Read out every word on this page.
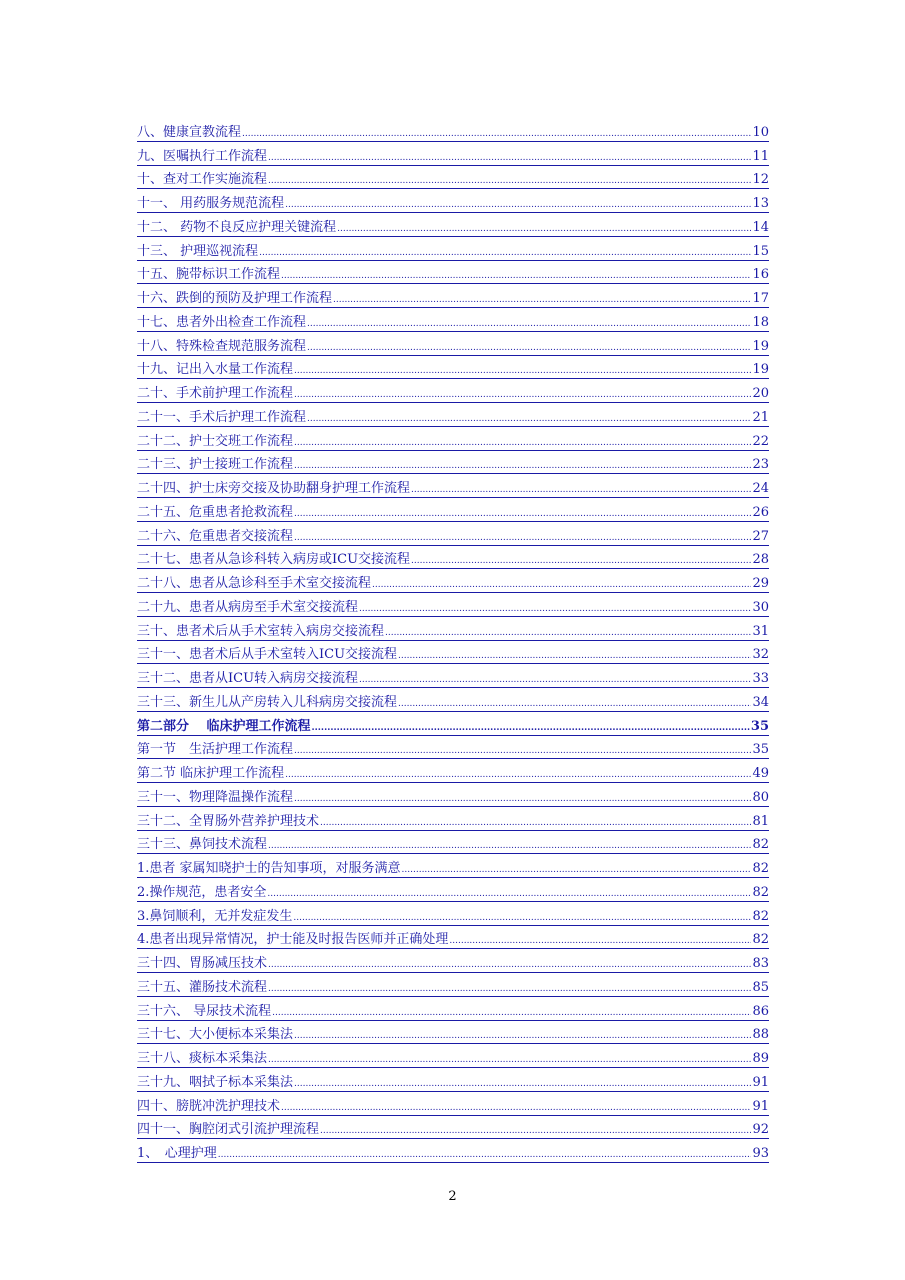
八、健康宣教流程 .....	10
九、医嘱执行工作流程 .....	11
十、查对工作实施流程 .....	12
十一、 用药服务规范流程 .....	13
十二、 药物不良反应护理关键流程 .....	14
十三、 护理巡视流程 .....	15
十五、腕带标识工作流程 .....	16
十六、跌倒的预防及护理工作流程 .....	17
十七、患者外出检查工作流程 .....	18
十八、特殊检查规范服务流程 .....	19
十九、记出入水量工作流程 .....	19
二十、手术前护理工作流程 .....	20
二十一、手术后护理工作流程 .....	21
二十二、护士交班工作流程 .....	22
二十三、护士接班工作流程 .....	23
二十四、护士床旁交接及协助翻身护理工作流程 .....	24
二十五、危重患者抢救流程 .....	26
二十六、危重患者交接流程 .....	27
二十七、患者从急诊科转入病房或ICU交接流程 .....	28
二十八、患者从急诊科至手术室交接流程 .....	29
二十九、患者从病房至手术室交接流程 .....	30
三十、患者术后从手术室转入病房交接流程 .....	31
三十一、患者术后从手术室转入ICU交接流程 .....	32
三十二、患者从ICU转入病房交接流程 .....	33
三十三、新生儿从产房转入儿科病房交接流程 .....	34
第二部分　 临床护理工作流程 .....	35
第一节　生活护理工作流程 .....	35
第二节 临床护理工作流程 .....	49
三十一、物理降温操作流程 .....	80
三十二、全胃肠外营养护理技术 .....	81
三十三、鼻饲技术流程 .....	82
1.患者 家属知晓护士的告知事项，对服务满意 .....	82
2.操作规范，患者安全 .....	82
3.鼻饲顺利，无并发症发生 .....	82
4.患者出现异常情况，护士能及时报告医师并正确处理 .....	82
三十四、胃肠减压技术 .....	83
三十五、灌肠技术流程 .....	85
三十六、 导尿技术流程 .....	86
三十七、大小便标本采集法 .....	88
三十八、痰标本采集法 .....	89
三十九、咽拭子标本采集法 .....	91
四十、膀胱冲洗护理技术 .....	91
四十一、胸腔闭式引流护理流程 .....	92
1、　心理护理 .....	93
2
